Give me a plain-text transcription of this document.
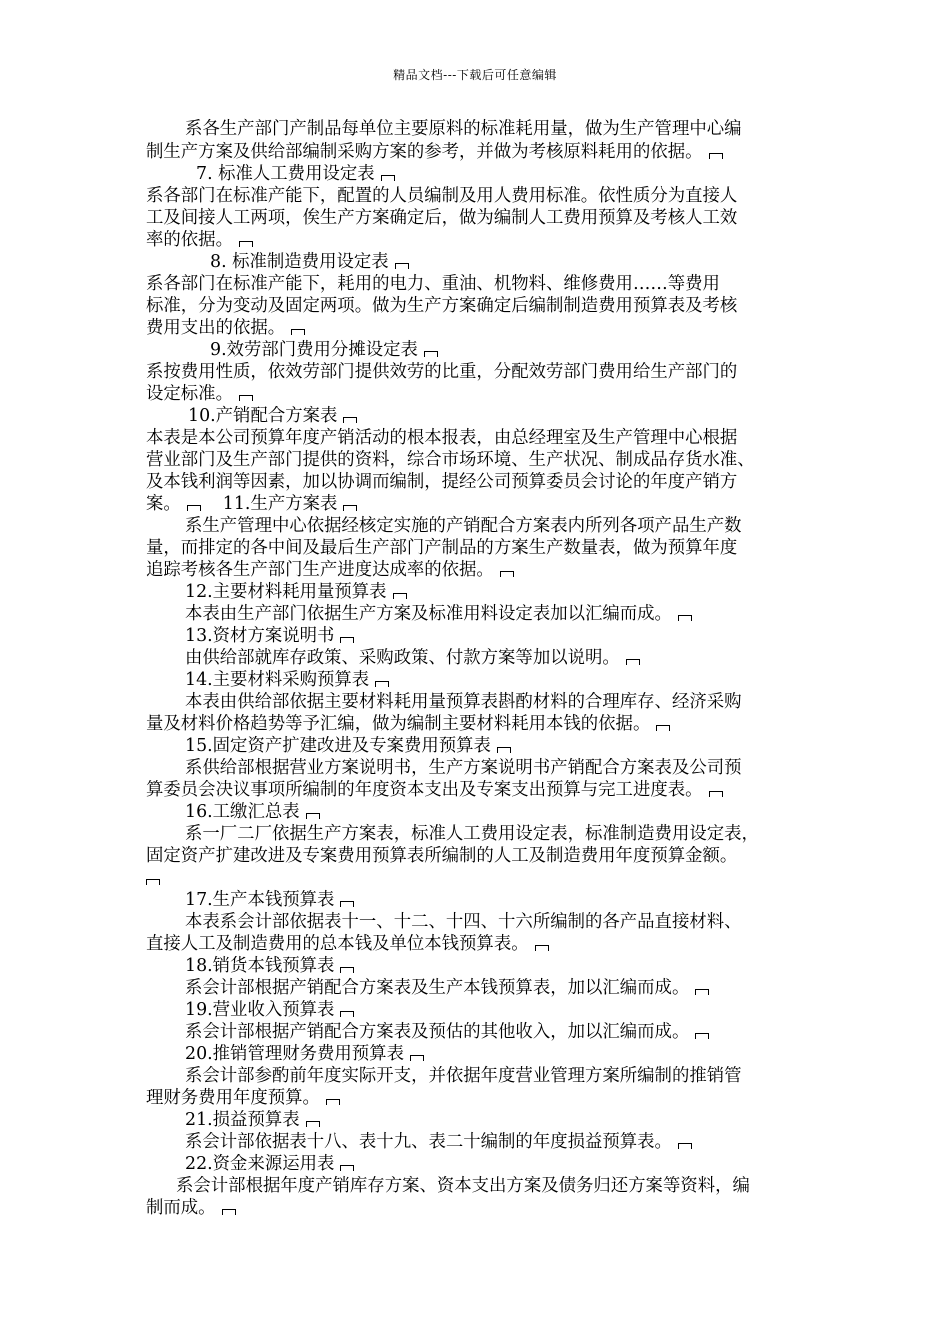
精品文档---下载后可任意编辑
系各生产部门产制品每单位主要原料的标准耗用量，做为生产管理中心编
制生产方案及供给部编制采购方案的参考，并做为考核原料耗用的依据。
7. 标准人工费用设定表
系各部门在标准产能下，配置的人员编制及用人费用标准。依性质分为直接人
工及间接人工两项，俟生产方案确定后，做为编制人工费用预算及考核人工效
率的依据。
8. 标准制造费用设定表
系各部门在标准产能下，耗用的电力、重油、机物料、维修费用……等费用
标准，分为变动及固定两项。做为生产方案确定后编制制造费用预算表及考核
费用支出的依据。
9.效劳部门费用分摊设定表
系按费用性质，依效劳部门提供效劳的比重，分配效劳部门费用给生产部门的
设定标准。
10.产销配合方案表
本表是本公司预算年度产销活动的根本报表，由总经理室及生产管理中心根据
营业部门及生产部门提供的资料，综合市场环境、生产状况、制成品存货水准、
及本钱利润等因素，加以协调而编制，提经公司预算委员会讨论的年度产销方
案。 11.生产方案表
系生产管理中心依据经核定实施的产销配合方案表内所列各项产品生产数
量，而排定的各中间及最后生产部门产制品的方案生产数量表，做为预算年度
追踪考核各生产部门生产进度达成率的依据。
12.主要材料耗用量预算表
本表由生产部门依据生产方案及标准用料设定表加以汇编而成。
13.资材方案说明书
由供给部就库存政策、采购政策、付款方案等加以说明。
14.主要材料采购预算表
本表由供给部依据主要材料耗用量预算表斟酌材料的合理库存、经济采购
量及材料价格趋势等予汇编，做为编制主要材料耗用本钱的依据。
15.固定资产扩建改进及专案费用预算表
系供给部根据营业方案说明书，生产方案说明书产销配合方案表及公司预
算委员会决议事项所编制的年度资本支出及专案支出预算与完工进度表。
16.工缴汇总表
系一厂二厂依据生产方案表，标准人工费用设定表，标准制造费用设定表，
固定资产扩建改进及专案费用预算表所编制的人工及制造费用年度预算金额。
17.生产本钱预算表
本表系会计部依据表十一、十二、十四、十六所编制的各产品直接材料、
直接人工及制造费用的总本钱及单位本钱预算表。
18.销货本钱预算表
系会计部根据产销配合方案表及生产本钱预算表，加以汇编而成。
19.营业收入预算表
系会计部根据产销配合方案表及预估的其他收入，加以汇编而成。
20.推销管理财务费用预算表
系会计部参酌前年度实际开支，并依据年度营业管理方案所编制的推销管
理财务费用年度预算。
21.损益预算表
系会计部依据表十八、表十九、表二十编制的年度损益预算表。
22.资金来源运用表
系会计部根据年度产销库存方案、资本支出方案及债务归还方案等资料，编
制而成。
